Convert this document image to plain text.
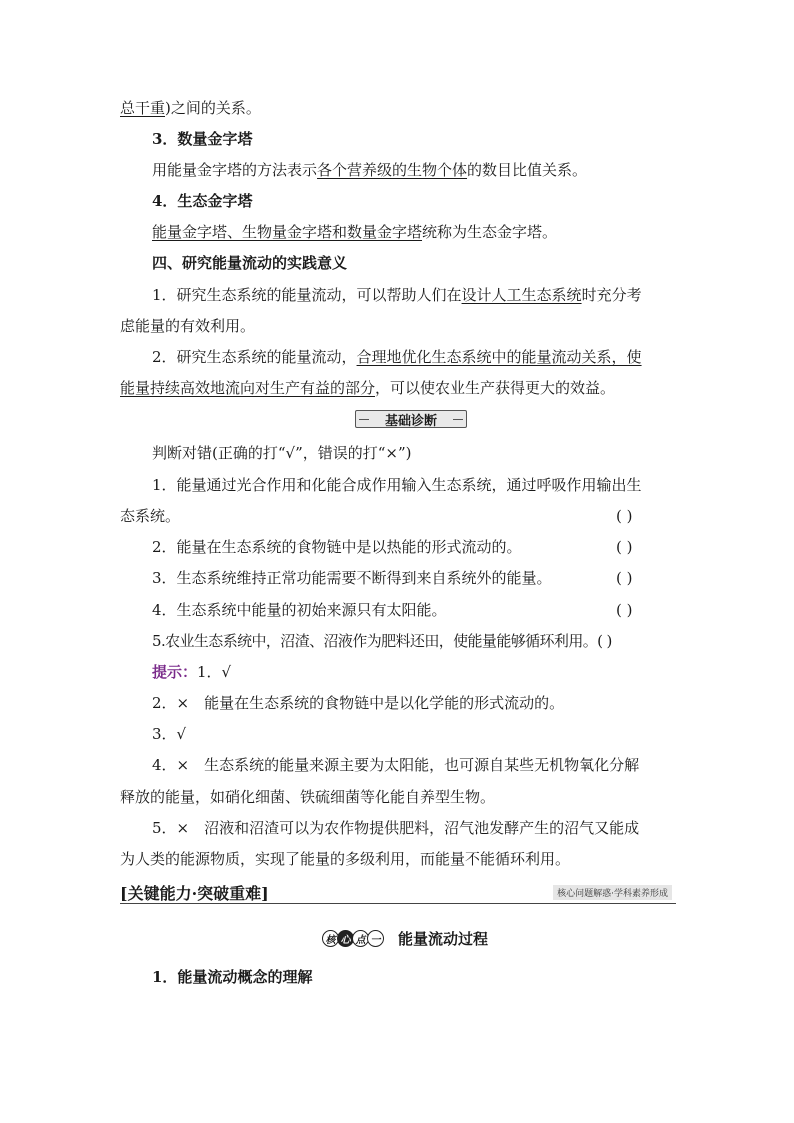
总干重)之间的关系。
3．数量金字塔
用能量金字塔的方法表示各个营养级的生物个体的数目比值关系。
4．生态金字塔
能量金字塔、生物量金字塔和数量金字塔统称为生态金字塔。
四、研究能量流动的实践意义
1．研究生态系统的能量流动，可以帮助人们在设计人工生态系统时充分考
虑能量的有效利用。
2．研究生态系统的能量流动，合理地优化生态系统中的能量流动关系，使
能量持续高效地流向对生产有益的部分，可以使农业生产获得更大的效益。
基础诊断
判断对错(正确的打“√”，错误的打“×”)
1．能量通过光合作用和化能合成作用输入生态系统，通过呼吸作用输出生
态系统。	( )
2．能量在生态系统的食物链中是以热能的形式流动的。	( )
3．生态系统维持正常功能需要不断得到来自系统外的能量。	( )
4．生态系统中能量的初始来源只有太阳能。	( )
5.农业生态系统中，沼渣、沼液作为肥料还田，使能量能够循环利用。( )
提示：1．√
2．×　能量在生态系统的食物链中是以化学能的形式流动的。
3．√
4．×　生态系统的能量来源主要为太阳能，也可源自某些无机物氧化分解
释放的能量，如硝化细菌、铁硫细菌等化能自养型生物。
5．×　沼液和沼渣可以为农作物提供肥料，沼气池发酵产生的沼气又能成
为人类的能源物质，实现了能量的多级利用，而能量不能循环利用。
[关键能力·突破重难]	核心问题解惑·学科素养形成
核 心 点 一 能量流动过程
1．能量流动概念的理解
